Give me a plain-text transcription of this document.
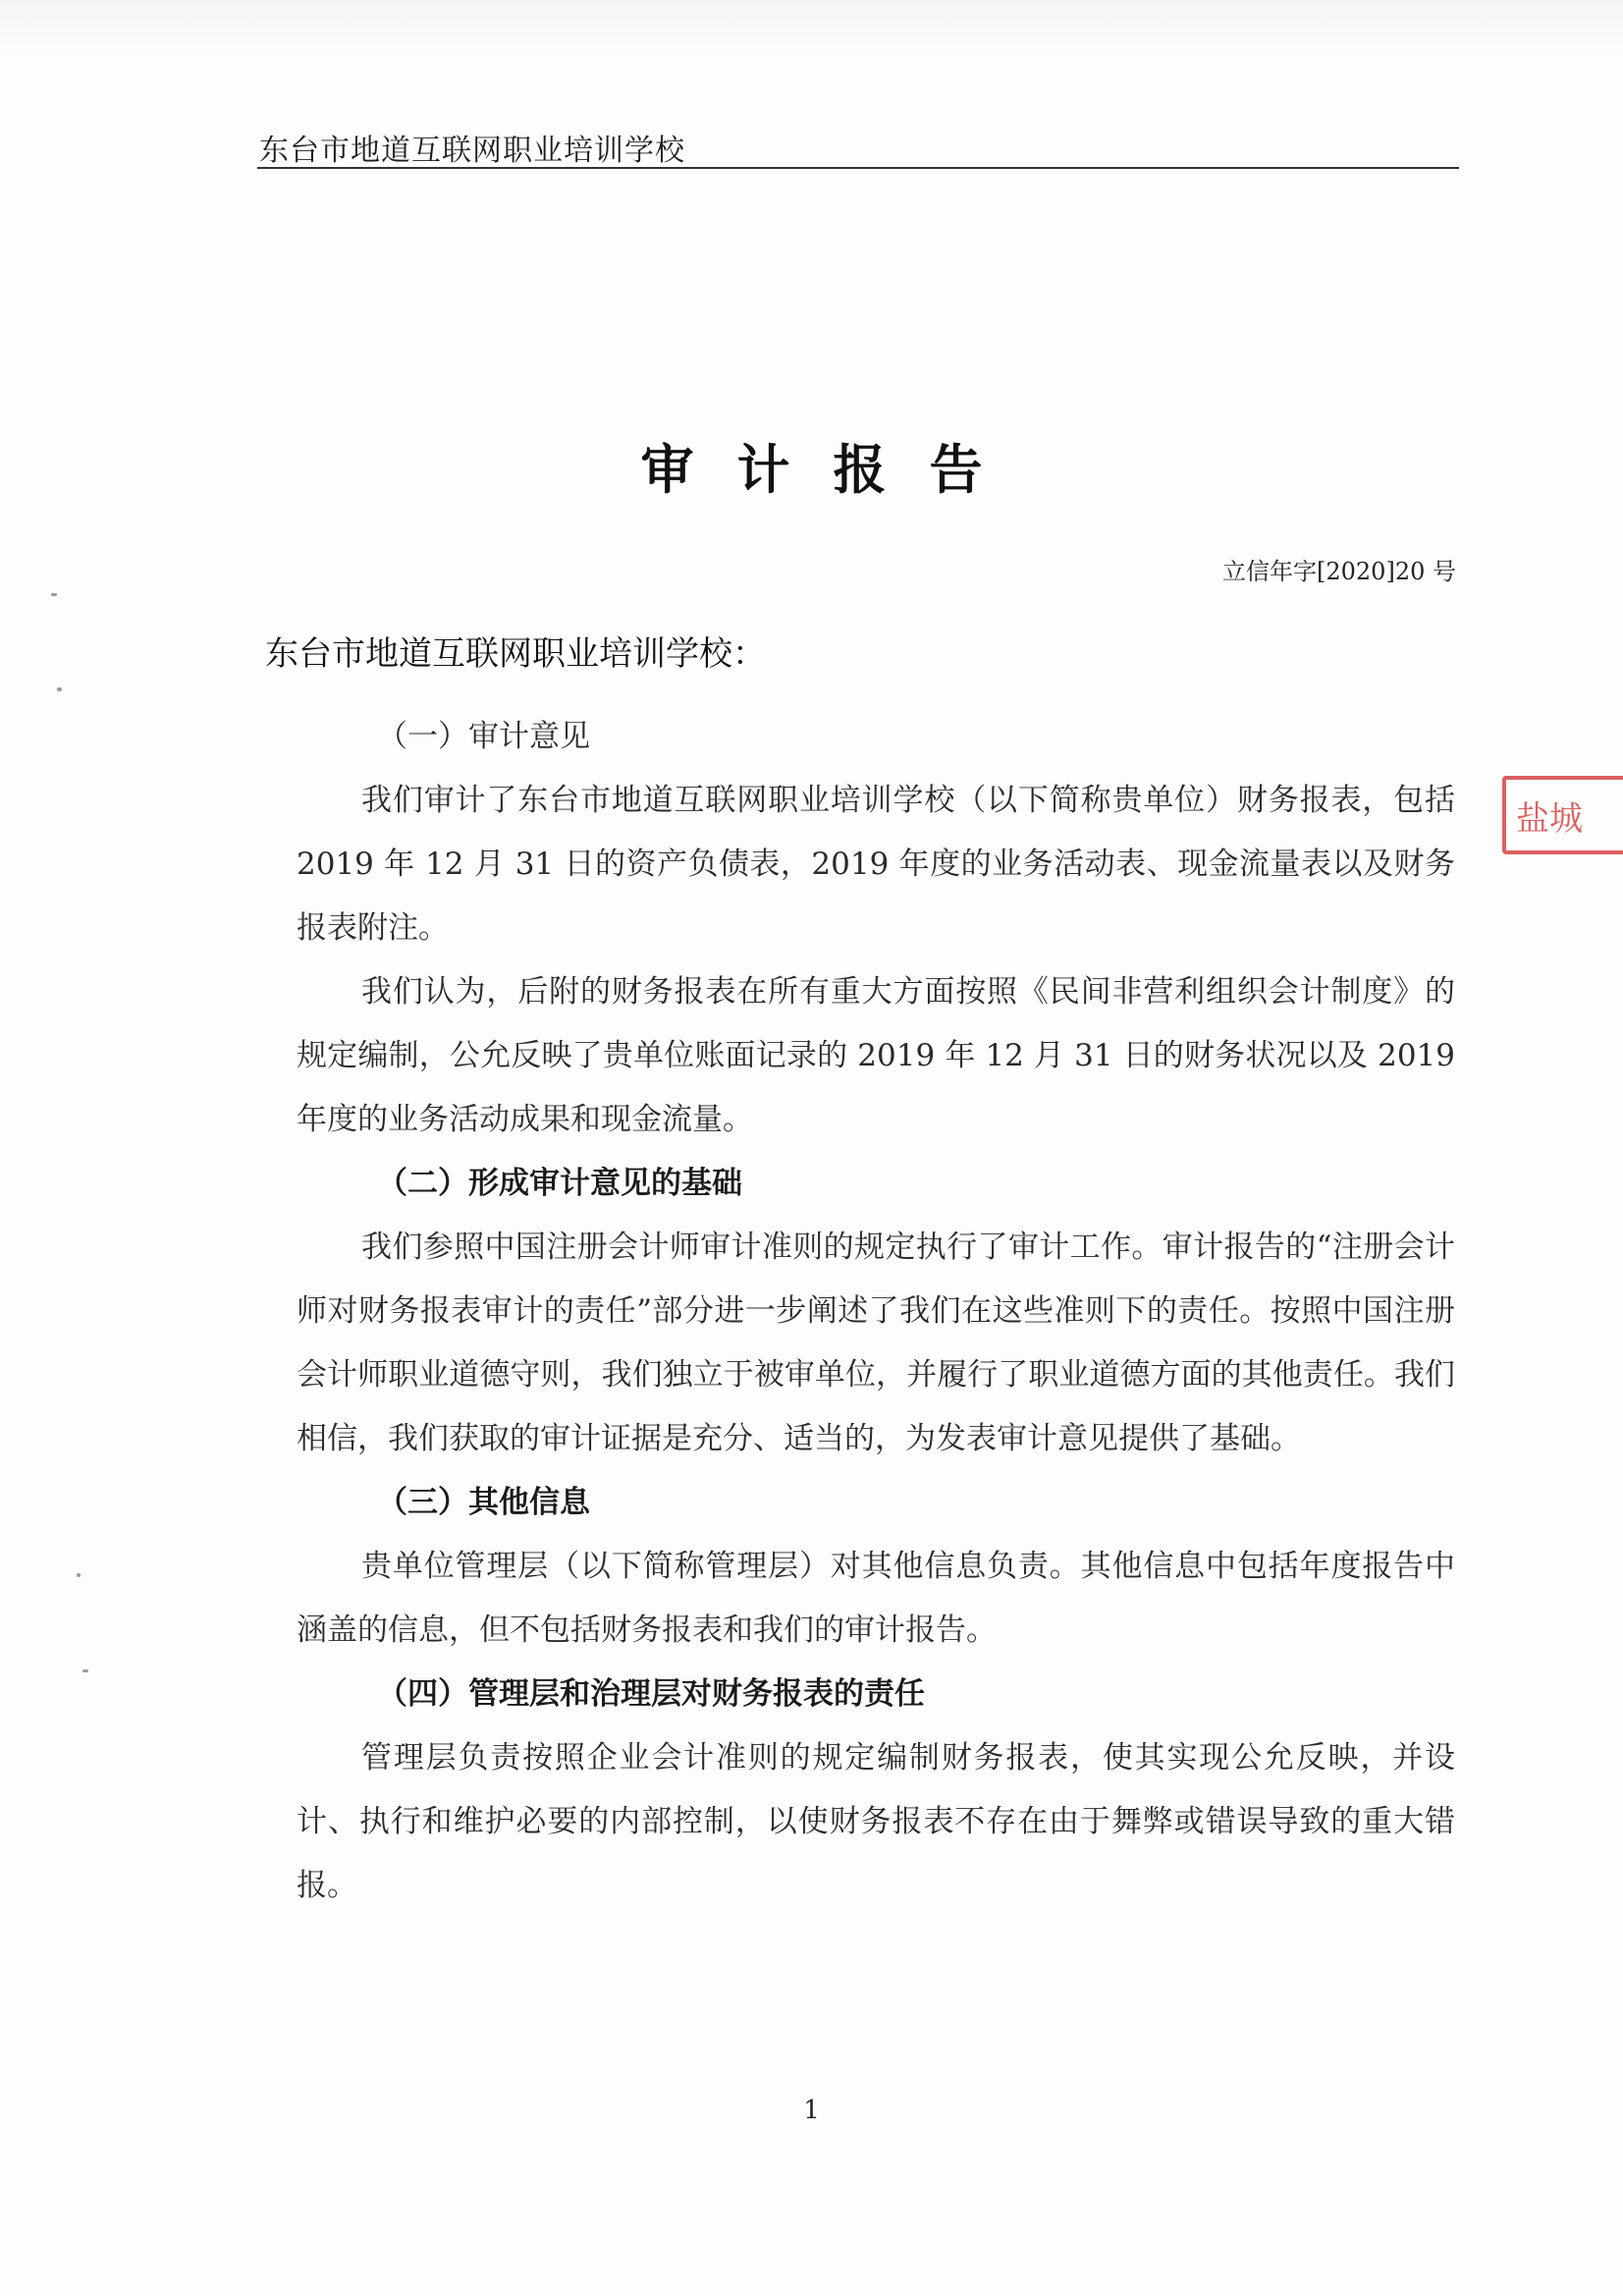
东台市地道互联网职业培训学校
审计报告
立信年字[2020]20 号
东台市地道互联网职业培训学校：

（一）审计意见

我们审计了东台市地道互联网职业培训学校（以下简称贵单位）财务报表，包括 2019 年 12 月 31 日的资产负债表，2019 年度的业务活动表、现金流量表以及财务报表附注。

我们认为，后附的财务报表在所有重大方面按照《民间非营利组织会计制度》的规定编制，公允反映了贵单位账面记录的 2019 年 12 月 31 日的财务状况以及 2019 年度的业务活动成果和现金流量。

（二）形成审计意见的基础

我们参照中国注册会计师审计准则的规定执行了审计工作。审计报告的“注册会计师对财务报表审计的责任”部分进一步阐述了我们在这些准则下的责任。按照中国注册会计师职业道德守则，我们独立于被审单位，并履行了职业道德方面的其他责任。我们相信，我们获取的审计证据是充分、适当的，为发表审计意见提供了基础。

（三）其他信息

贵单位管理层（以下简称管理层）对其他信息负责。其他信息中包括年度报告中涵盖的信息，但不包括财务报表和我们的审计报告。

（四）管理层和治理层对财务报表的责任

管理层负责按照企业会计准则的规定编制财务报表，使其实现公允反映，并设计、执行和维护必要的内部控制，以使财务报表不存在由于舞弊或错误导致的重大错报。

盐城
1
